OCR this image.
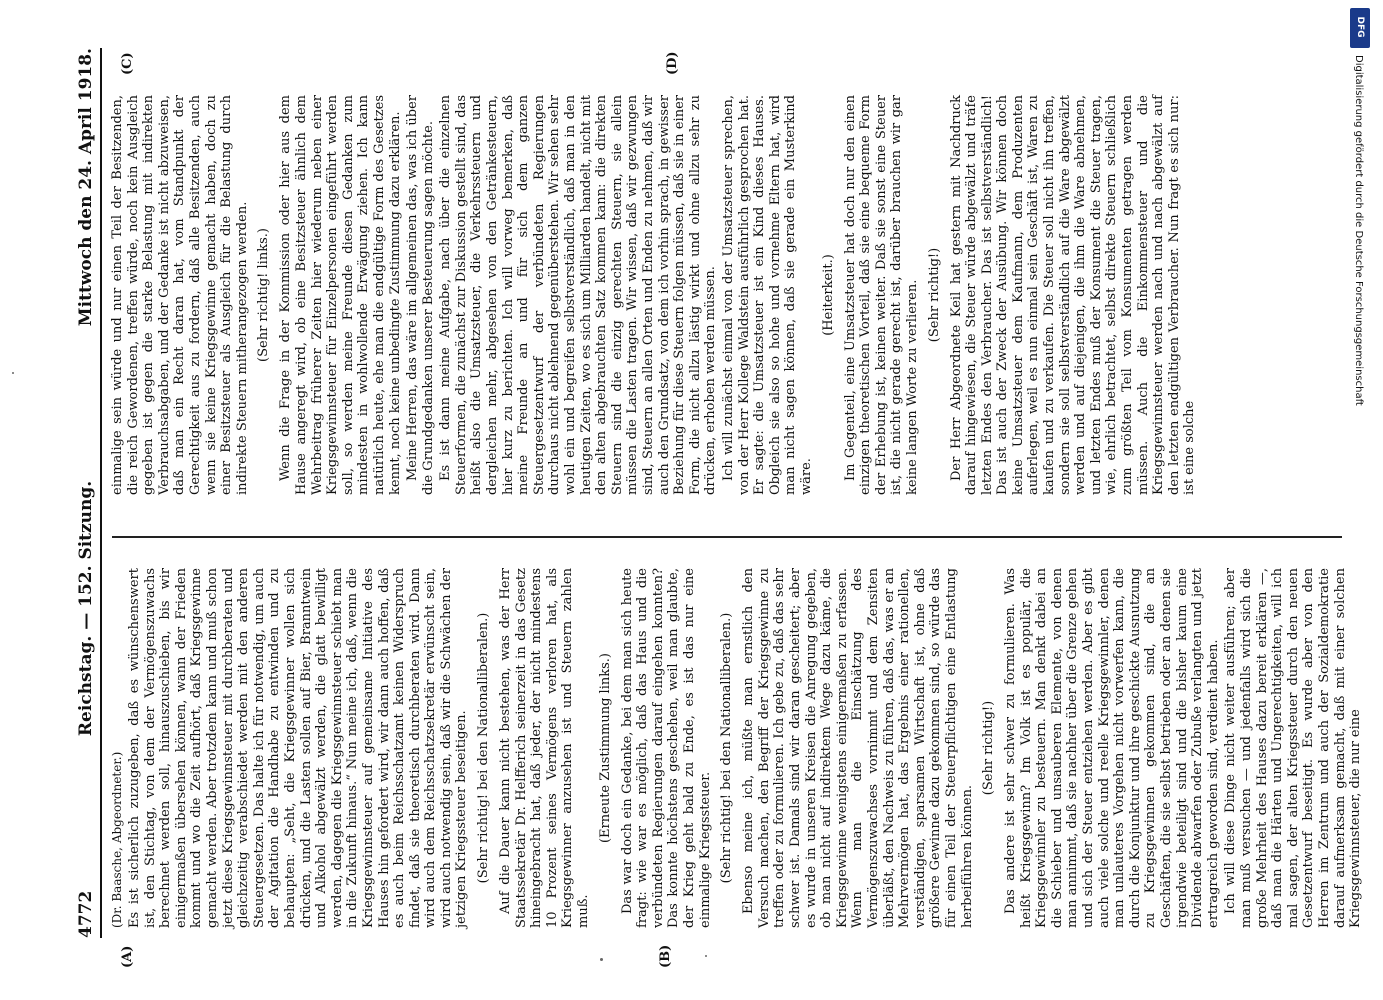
DFG
Digitalisierung gefördert durch die Deutsche Forschungsgemeinschaft
4772
Reichstag. — 152. Sitzung.
Mittwoch den 24. April 1918.
(A)	(B)
(Dr. Baasche, Abgeordneter.) Es ist sicherlich zuzugeben, daß es wünschenswert ist, den Stichtag, von dem der Vermögenszuwachs berechnet werden soll, hinauszuschieben, bis wir einigermaßen übersehen können, wann der Frieden kommt und wo die Zeit aufhört, daß Kriegsgewinne gemacht werden. Aber trotzdem kann und muß schon jetzt diese Kriegsgewinnsteuer mit durchberaten und gleichzeitig verabschiedet werden mit den anderen Steuergesetzen. Das halte ich für notwendig, um auch der Agitation die Handhabe zu entwinden und zu behaupten: „Seht, die Kriegsgewinner wollen sich drücken, und die Lasten sollen auf Bier, Branntwein und Alkohol abgewälzt werden, die glatt bewilligt werden, dagegen die Kriegsgewinnsteuer schiebt man in die Zukunft hinaus.“ Nun meine ich, daß, wenn die Kriegsgewinnsteuer auf gemeinsame Initiative des Hauses hin gefordert wird, wir dann auch hoffen, daß es auch beim Reichsschatzamt keinen Widerspruch findet, daß sie theoretisch durchberaten wird. Dann wird auch dem Reichsschatzsekretär erwünscht sein, wird auch notwendig sein, daß wir die Schwächen der jetzigen Kriegssteuer beseitigen. (Sehr richtig! bei den Nationalliberalen.) Auf die Dauer kann nicht bestehen, was der Herr Staatssekretär Dr. Helfferich seinerzeit in das Gesetz hineingebracht hat, daß jeder, der nicht mindestens 10 Prozent seines Vermögens verloren hat, als Kriegsgewinner anzusehen ist und Steuern zahlen muß.

(Erneute Zustimmung links.) Das war doch ein Gedanke, bei dem man sich heute fragt: wie war es möglich, daß das Haus und die verbündeten Regierungen darauf eingehen konnten? Das konnte höchstens geschehen, weil man glaubte, der Krieg geht bald zu Ende, es ist das nur eine einmalige Kriegssteuer. (Sehr richtig! bei den Nationalliberalen.) Ebenso meine ich, müßte man ernstlich den Versuch machen, den Begriff der Kriegsgewinne zu treffen oder zu formulieren. Ich gebe zu, daß das sehr schwer ist. Damals sind wir daran gescheitert; aber es wurde in unseren Kreisen die Anregung gegeben, ob man nicht auf indirektem Wege dazu käme, die Kriegsgewinne wenigstens einigermaßen zu erfassen. Wenn man die Einschätzung des Vermögenszuwachses vornimmt und dem Zensiten überläßt, den Nachweis zu führen, daß das, was er an Mehrvermögen hat, das Ergebnis einer rationellen, verständigen, sparsamen Wirtschaft ist, ohne daß größere Gewinne dazu gekommen sind, so würde das für einen Teil der Steuerpflichtigen eine Entlastung herbeiführen können.

(Sehr richtig!) Das andere ist sehr schwer zu formulieren. Was heißt Kriegsgewinn? Im Volk ist es populär, die Kriegsgewinnler zu besteuern. Man denkt dabei an die Schieber und unsauberen Elemente, von denen man annimmt, daß sie nachher über die Grenze gehen und sich der Steuer entziehen werden. Aber es gibt auch viele solche und reelle Kriegsgewinnler, denen man unlauteres Vorgehen nicht vorwerfen kann, die durch die Konjunktur und ihre geschickte Ausnutzung zu Kriegsgewinnen gekommen sind, die an Geschäften, die sie selbst betrieben oder an denen sie irgendwie beteiligt sind und die bisher kaum eine Dividende abwarfen oder Zubuße verlangten und jetzt ertragreich geworden sind, verdient haben. Ich will diese Dinge nicht weiter ausführen; aber man muß versuchen — und jedenfalls wird sich die große Mehrheit des Hauses dazu bereit erklären —, daß man die Härten und Ungerechtigkeiten, will ich mal sagen, der alten Kriegssteuer durch den neuen Gesetzentwurf beseitigt. Es wurde aber von den Herren im Zentrum und auch der Sozialdemokratie darauf aufmerksam gemacht, daß mit einer solchen Kriegsgewinnsteuer, die nur eine

(C)	(D)

einmalige sein würde und nur einen Teil der Besitzenden, die reich Gewordenen, treffen würde, noch kein Ausgleich gegeben ist gegen die starke Belastung mit indirekten Verbrauchsabgaben, und der Gedanke ist nicht abzuweisen, daß man ein Recht daran hat, vom Standpunkt der Gerechtigkeit aus zu fordern, daß alle Besitzenden, auch wenn sie keine Kriegsgewinne gemacht haben, doch zu einer Besitzsteuer als Ausgleich für die Belastung durch indirekte Steuern mitherangezogen werden. (Sehr richtig! links.) Wenn die Frage in der Kommission oder hier aus dem Hause angeregt wird, ob eine Besitzsteuer ähnlich dem Wehrbeitrag früherer Zeiten hier wiederum neben einer Kriegsgewinnsteuer für Einzelpersonen eingeführt werden soll, so werden meine Freunde diesen Gedanken zum mindesten in wohlwollende Erwägung ziehen. Ich kann natürlich heute, ehe man die endgültige Form des Gesetzes kennt, noch keine unbedingte Zustimmung dazu erklären. Meine Herren, das wäre im allgemeinen das, was ich über die Grundgedanken unserer Besteuerung sagen möchte. Es ist dann meine Aufgabe, nach über die einzelnen Steuerformen, die zunächst zur Diskussion gestellt sind, das heißt also die Umsatzsteuer, die Verkehrssteuern und dergleichen mehr, abgesehen von den Getränkesteuern, hier kurz zu berichten. Ich will vorweg bemerken, daß meine Freunde an und für sich dem ganzen Steuergesetzentwurf der verbündeten Regierungen durchaus nicht ablehnend gegenüberstehen. Wir sehen sehr wohl ein und begreifen selbstverständlich, daß man in den heutigen Zeiten, wo es sich um Milliarden handelt, nicht mit den alten abgebrauchten Satz kommen kann: die direkten Steuern sind die einzig gerechten Steuern, sie allein müssen die Lasten tragen. Wir wissen, daß wir gezwungen sind, Steuern an allen Orten und Enden zu nehmen, daß wir auch den Grundsatz, von dem ich vorhin sprach, in gewisser Beziehung für diese Steuern folgen müssen, daß sie in einer Form, die nicht allzu lästig wirkt und ohne allzu sehr zu drücken, erhoben werden müssen. Ich will zunächst einmal von der Umsatzsteuer sprechen, von der Herr Kollege Waldstein ausführlich gesprochen hat. Er sagte: die Umsatzsteuer ist ein Kind dieses Hauses. Obgleich sie also so hohe und vornehme Eltern hat, wird man nicht sagen können, daß sie gerade ein Musterkind wäre.

(Heiterkeit.) Im Gegenteil, eine Umsatzsteuer hat doch nur den einen einzigen theoretischen Vorteil, daß sie eine bequeme Form der Erhebung ist, keinen weiter. Daß sie sonst eine Steuer ist, die nicht gerade gerecht ist, darüber brauchen wir gar keine langen Worte zu verlieren. (Sehr richtig!) Der Herr Abgeordnete Keil hat gestern mit Nachdruck darauf hingewiesen, die Steuer würde abgewälzt und träfe letzten Endes den Verbraucher. Das ist selbstverständlich! Das ist auch der Zweck der Ausübung. Wir können doch keine Umsatzsteuer dem Kaufmann, dem Produzenten auferlegen, weil es nun einmal sein Geschäft ist, Waren zu kaufen und zu verkaufen. Die Steuer soll nicht ihn treffen, sondern sie soll selbstverständlich auf die Ware abgewälzt werden und auf diejenigen, die ihm die Ware abnehmen, und letzten Endes muß der Konsument die Steuer tragen, wie, ehrlich betrachtet, selbst direkte Steuern schließlich zum größten Teil vom Konsumenten getragen werden müssen. Auch die Einkommensteuer und die Kriegsgewinnsteuer werden nach und nach abgewälzt auf den letzten endgültigen Verbraucher. Nun fragt es sich nur: ist eine solche
